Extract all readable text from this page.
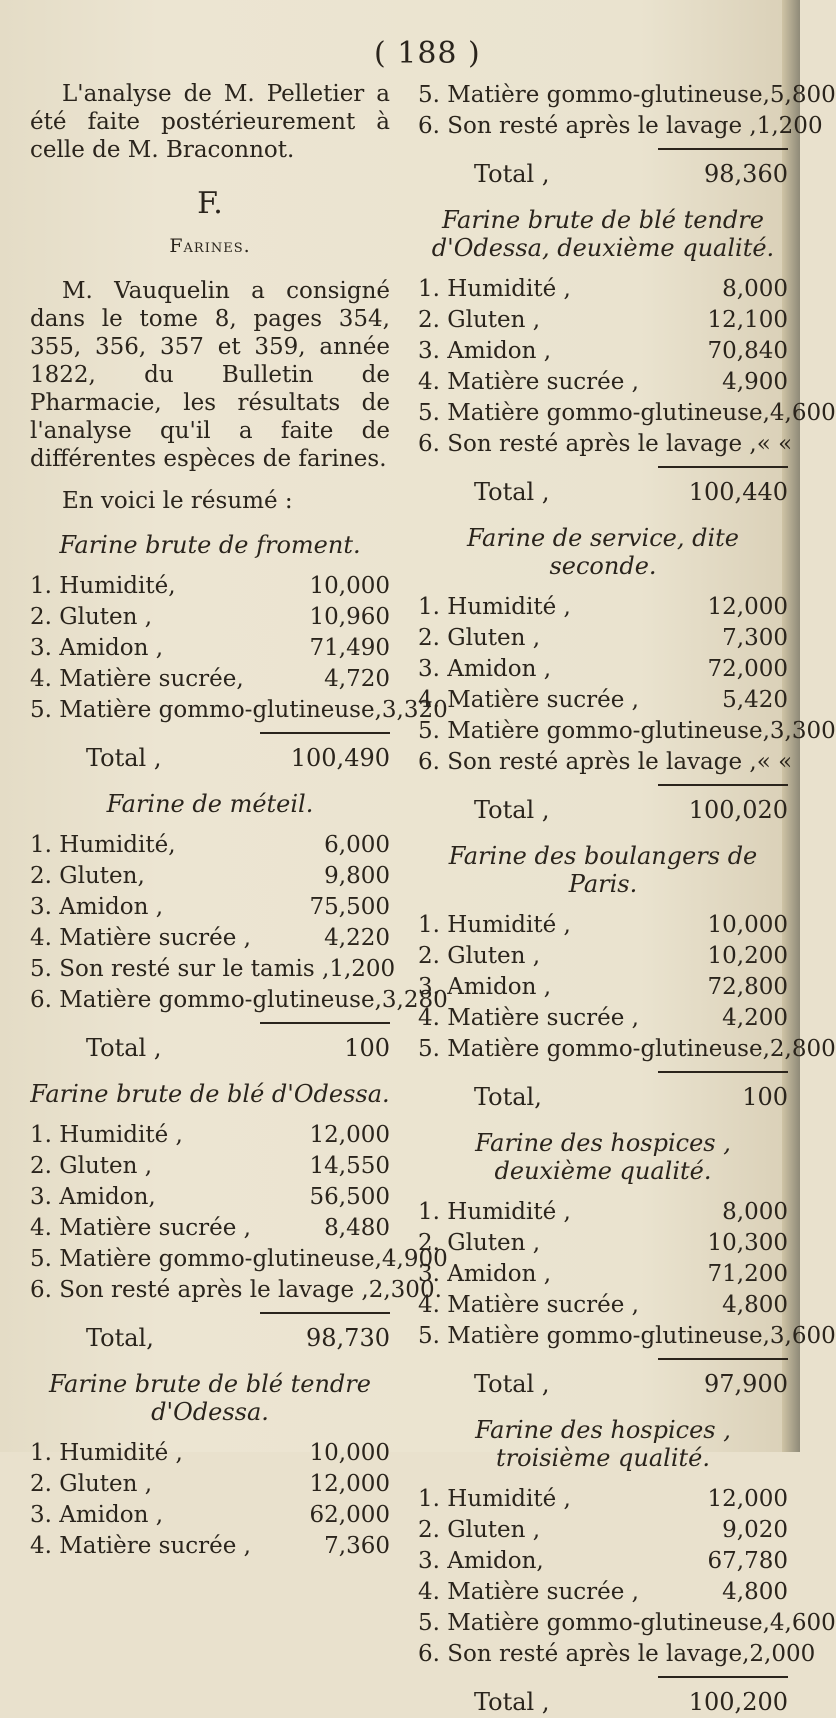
( 188 )

L'analyse de M. Pelletier a été faite postérieurement à celle de M. Braconnot.

F.
Farines.

M. Vauquelin a consigné dans le tome 8, pages 354, 355, 356, 357 et 359, année 1822, du Bulletin de Pharmacie, les résultats de l'analyse qu'il a faite de différentes espèces de farines.

En voici le résumé :

Farine brute de froment.
1. Humidité,	10,000
2. Gluten ,	10,960
3. Amidon ,	71,490
4. Matière sucrée,	4,720
5. Matière gommo-glutineuse, 3,320
Total ,	100,490
Farine de méteil.
1. Humidité,	6,000
2. Gluten,	9,800
3. Amidon ,	75,500
4. Matière sucrée ,	4,220
5. Son resté sur le tamis , 1,200
6. Matière gommo-glutineuse, 3,280
Total ,	100
Farine brute de blé d'Odessa.
1. Humidité ,	12,000
2. Gluten ,	14,550
3. Amidon,	56,500
4. Matière sucrée ,	8,480
5. Matière gommo-glutineuse, 4,900
6. Son resté après le lavage , 2,300.
Total,	98,730
Farine brute de blé tendre d'Odessa.
1. Humidité ,	10,000
2. Gluten ,	12,000
3. Amidon ,	62,000
4. Matière sucrée ,	7,360
5. Matière gommo-glutineuse, 5,800
6. Son resté après le lavage , 1,200
Total ,	98,360
Farine brute de blé tendre d'Odessa, deuxième qualité.
1. Humidité ,	8,000
2. Gluten ,	12,100
3. Amidon ,	70,840
4. Matière sucrée ,	4,900
5. Matière gommo-glutineuse, 4,600
6. Son resté après le lavage , « «
Total ,	100,440
Farine de service, dite seconde.
1. Humidité ,	12,000
2. Gluten ,	7,300
3. Amidon ,	72,000
4. Matière sucrée ,	5,420
5. Matière gommo-glutineuse, 3,300
6. Son resté après le lavage , « «
Total ,	100,020
Farine des boulangers de Paris.
1. Humidité ,	10,000
2. Gluten ,	10,200
3. Amidon ,	72,800
4. Matière sucrée ,	4,200
5. Matière gommo-glutineuse, 2,800
Total,	100
Farine des hospices , deuxième qualité.
1. Humidité ,	8,000
2. Gluten ,	10,300
3. Amidon ,	71,200
4. Matière sucrée ,	4,800
5. Matière gommo-glutineuse, 3,600
Total ,	97,900
Farine des hospices , troisième qualité.
1. Humidité ,	12,000
2. Gluten ,	9,020
3. Amidon,	67,780
4. Matière sucrée ,	4,800
5. Matière gommo-glutineuse, 4,600
6. Son resté après le lavage, 2,000
Total ,	100,200
